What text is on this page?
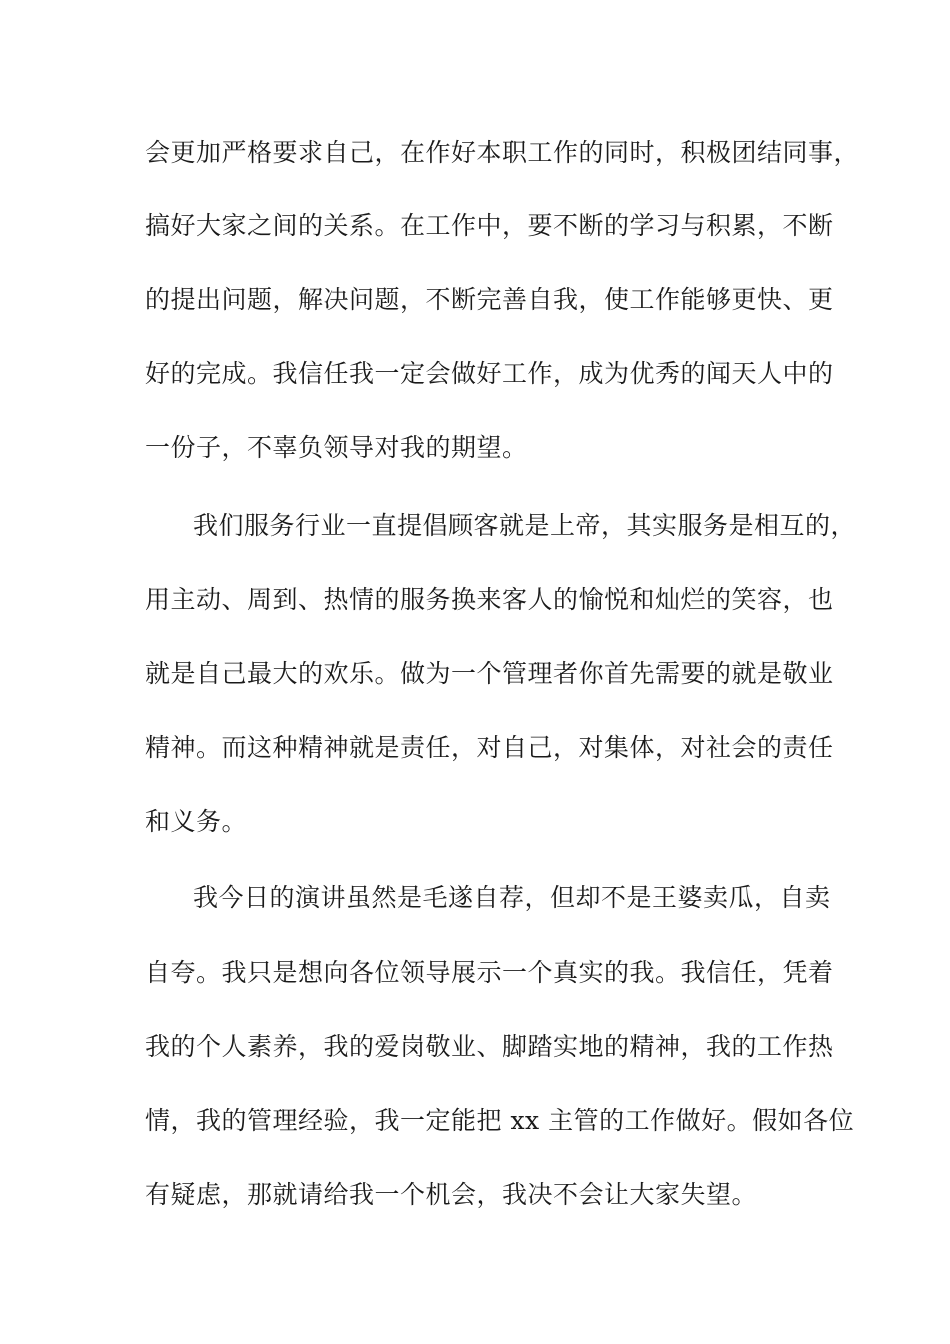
会更加严格要求自己，在作好本职工作的同时，积极团结同事，
搞好大家之间的关系。在工作中，要不断的学习与积累，不断
的提出问题，解决问题，不断完善自我，使工作能够更快、更
好的完成。我信任我一定会做好工作，成为优秀的闻天人中的
一份子，不辜负领导对我的期望。
我们服务行业一直提倡顾客就是上帝，其实服务是相互的，
用主动、周到、热情的服务换来客人的愉悦和灿烂的笑容，也
就是自己最大的欢乐。做为一个管理者你首先需要的就是敬业
精神。而这种精神就是责任，对自己，对集体，对社会的责任
和义务。
我今日的演讲虽然是毛遂自荐，但却不是王婆卖瓜，自卖
自夸。我只是想向各位领导展示一个真实的我。我信任，凭着
我的个人素养，我的爱岗敬业、脚踏实地的精神，我的工作热
情，我的管理经验，我一定能把 xx 主管的工作做好。假如各位
有疑虑，那就请给我一个机会，我决不会让大家失望。
